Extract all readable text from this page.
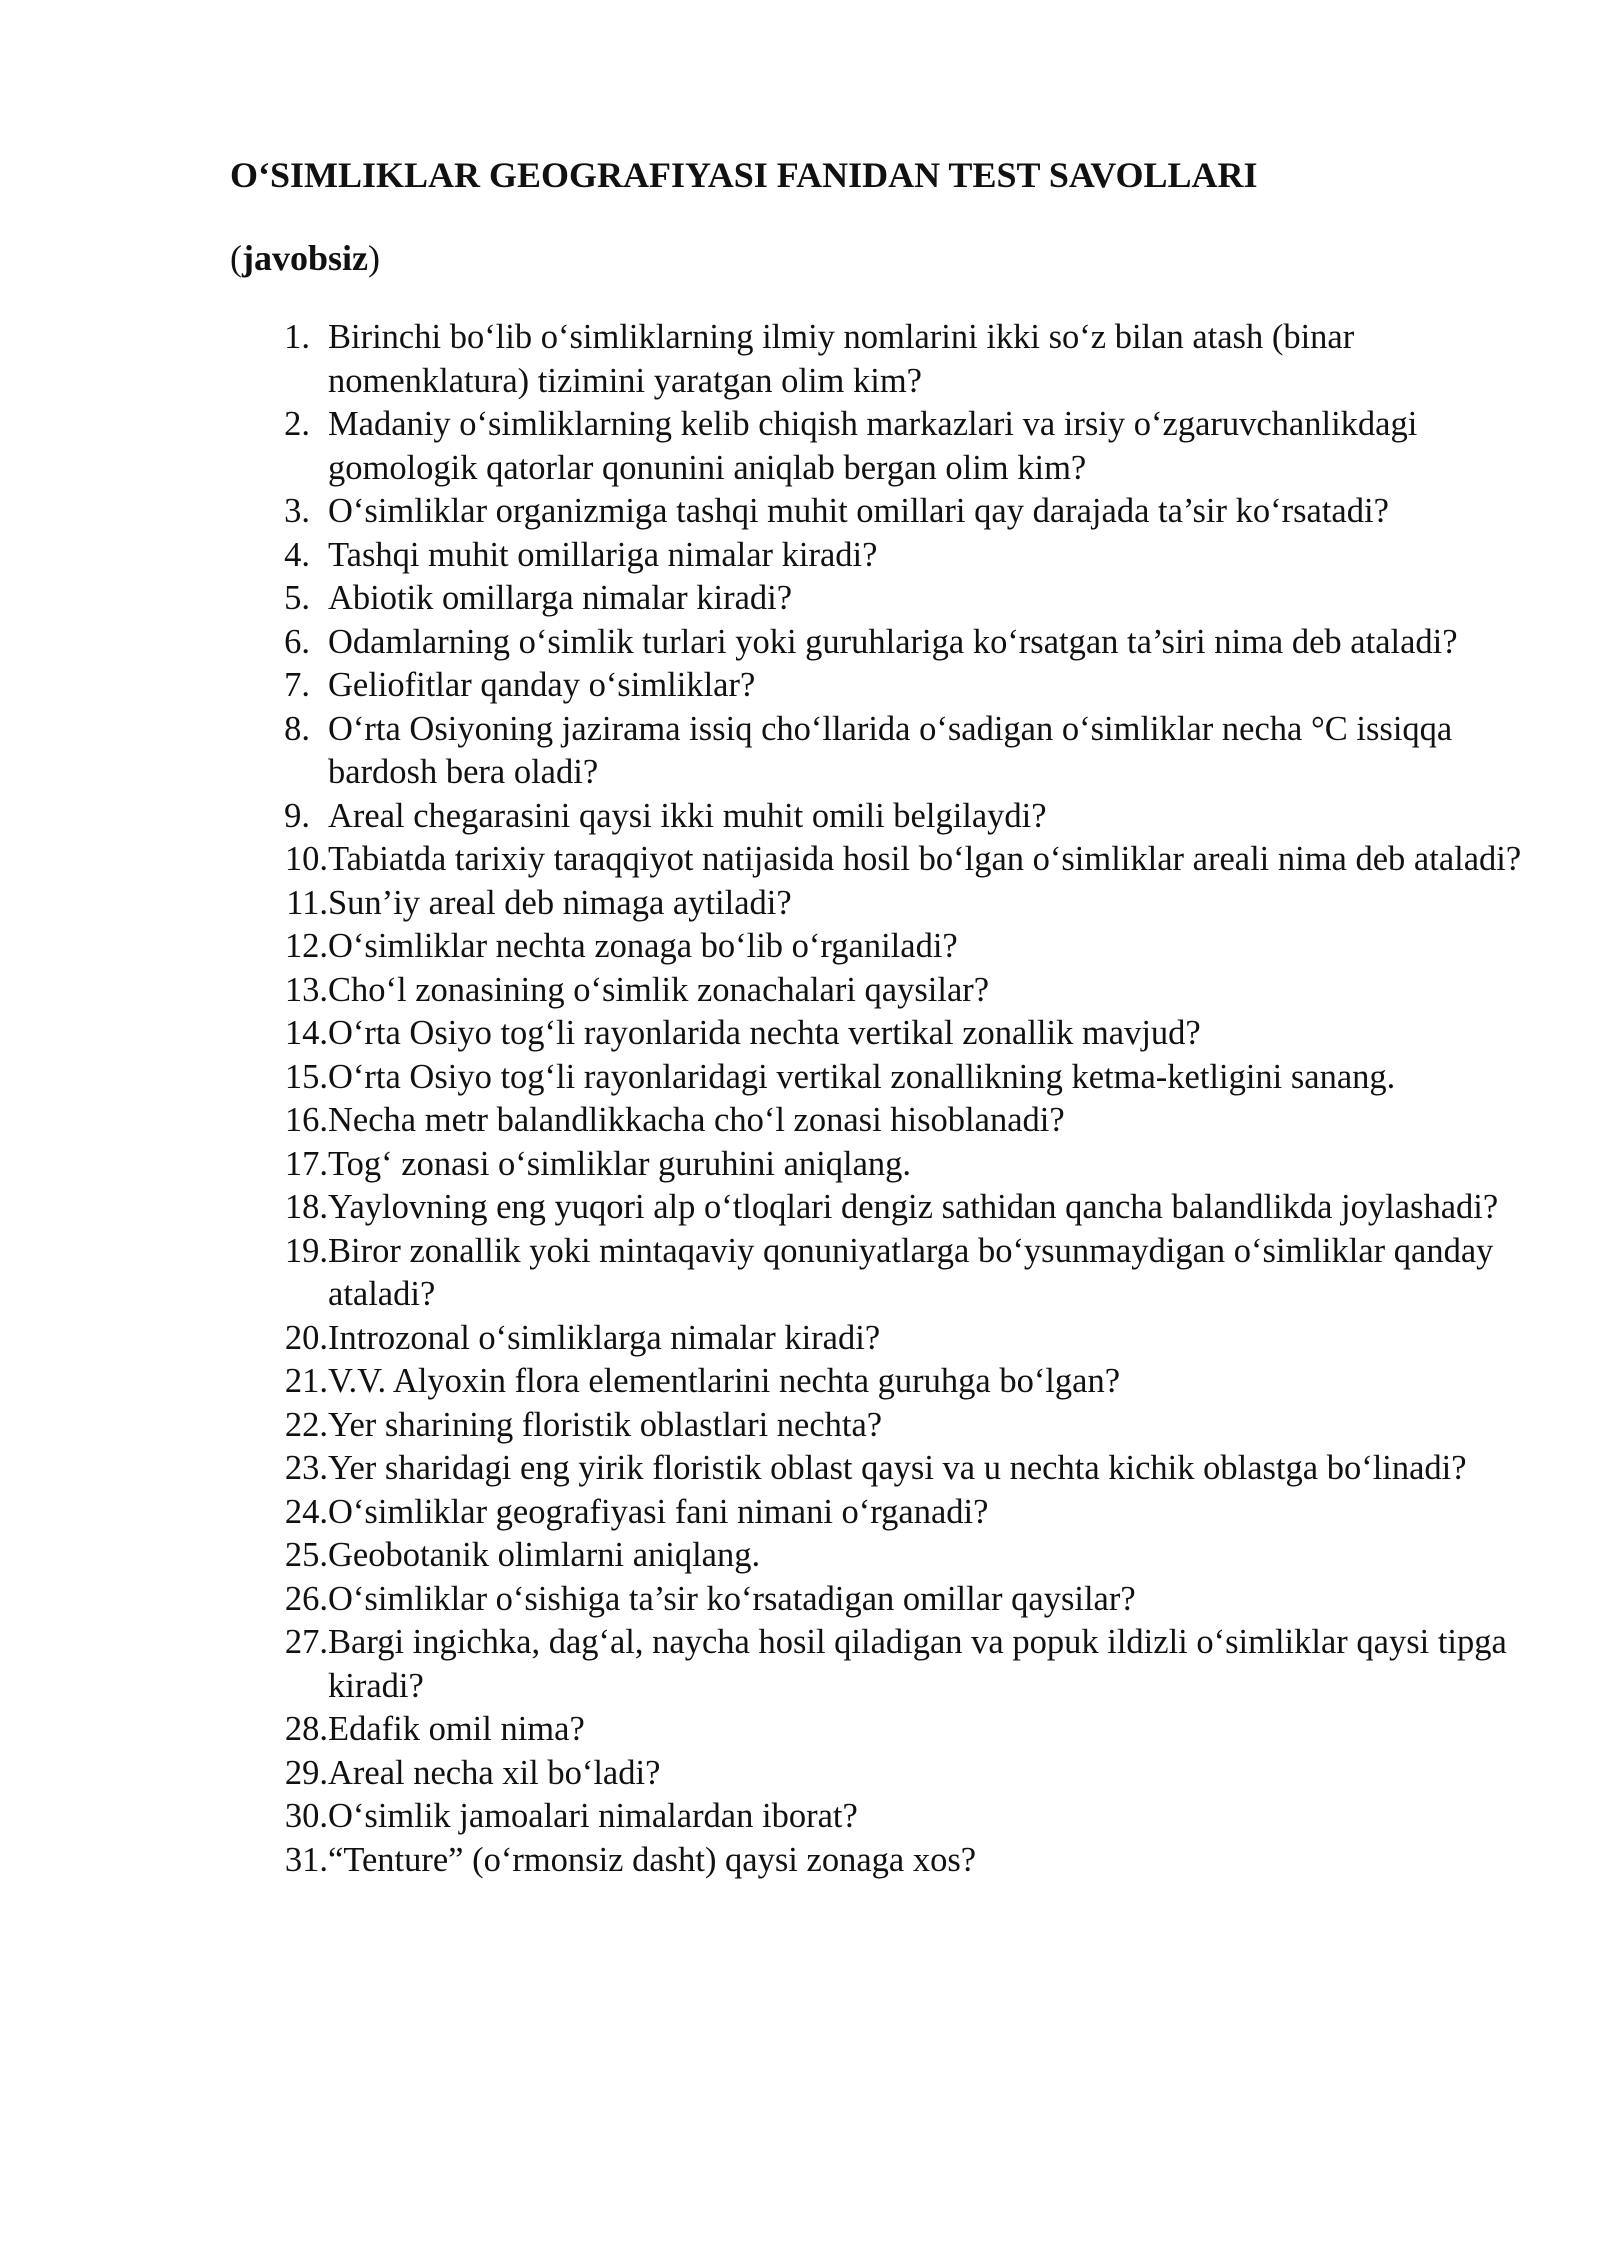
O‘SIMLIKLAR GEOGRAFIYASI FANIDAN TEST SAVOLLARI
(javobsiz)
1. Birinchi bo‘lib o‘simliklarning ilmiy nomlarini ikki so‘z bilan atash (binar nomenklatura) tizimini yaratgan olim kim?
2. Madaniy o‘simliklarning kelib chiqish markazlari va irsiy o‘zgaruvchanlikdagi gomologik qatorlar qonunini aniqlab bergan olim kim?
3. O‘simliklar organizmiga tashqi muhit omillari qay darajada ta’sir ko‘rsatadi?
4. Tashqi muhit omillariga nimalar kiradi?
5. Abiotik omillarga nimalar kiradi?
6. Odamlarning o‘simlik turlari yoki guruhlariga ko‘rsatgan ta’siri nima deb ataladi?
7. Geliofitlar qanday o‘simliklar?
8. O‘rta Osiyoning jazirama issiq cho‘llarida o‘sadigan o‘simliklar necha °C issiqqa bardosh bera oladi?
9. Areal chegarasini qaysi ikki muhit omili belgilaydi?
10. Tabiatda tarixiy taraqqiyot natijasida hosil bo‘lgan o‘simliklar areali nima deb ataladi?
11. Sun’iy areal deb nimaga aytiladi?
12. O‘simliklar nechta zonaga bo‘lib o‘rganiladi?
13. Cho‘l zonasining o‘simlik zonachalari qaysilar?
14. O‘rta Osiyo tog‘li rayonlarida nechta vertikal zonallik mavjud?
15. O‘rta Osiyo tog‘li rayonlaridagi vertikal zonallikning ketma-ketligini sanang.
16. Necha metr balandlikkacha cho‘l zonasi hisoblanadi?
17. Tog‘ zonasi o‘simliklar guruhini aniqlang.
18. Yaylovning eng yuqori alp o‘tloqlari dengiz sathidan qancha balandlikda joylashadi?
19. Biror zonallik yoki mintaqaviy qonuniyatlarga bo‘ysunmaydigan o‘simliklar qanday ataladi?
20. Introzonal o‘simliklarga nimalar kiradi?
21. V.V. Alyoxin flora elementlarini nechta guruhga bo‘lgan?
22. Yer sharining floristik oblastlari nechta?
23. Yer sharidagi eng yirik floristik oblast qaysi va u nechta kichik oblastga bo‘linadi?
24. O‘simliklar geografiyasi fani nimani o‘rganadi?
25. Geobotanik olimlarni aniqlang.
26. O‘simliklar o‘sishiga ta’sir ko‘rsatadigan omillar qaysilar?
27. Bargi ingichka, dag‘al, naycha hosil qiladigan va popuk ildizli o‘simliklar qaysi tipga kiradi?
28. Edafik omil nima?
29. Areal necha xil bo‘ladi?
30. O‘simlik jamoalari nimalardan iborat?
31. “Tenture” (o‘rmonsiz dasht) qaysi zonaga xos?
